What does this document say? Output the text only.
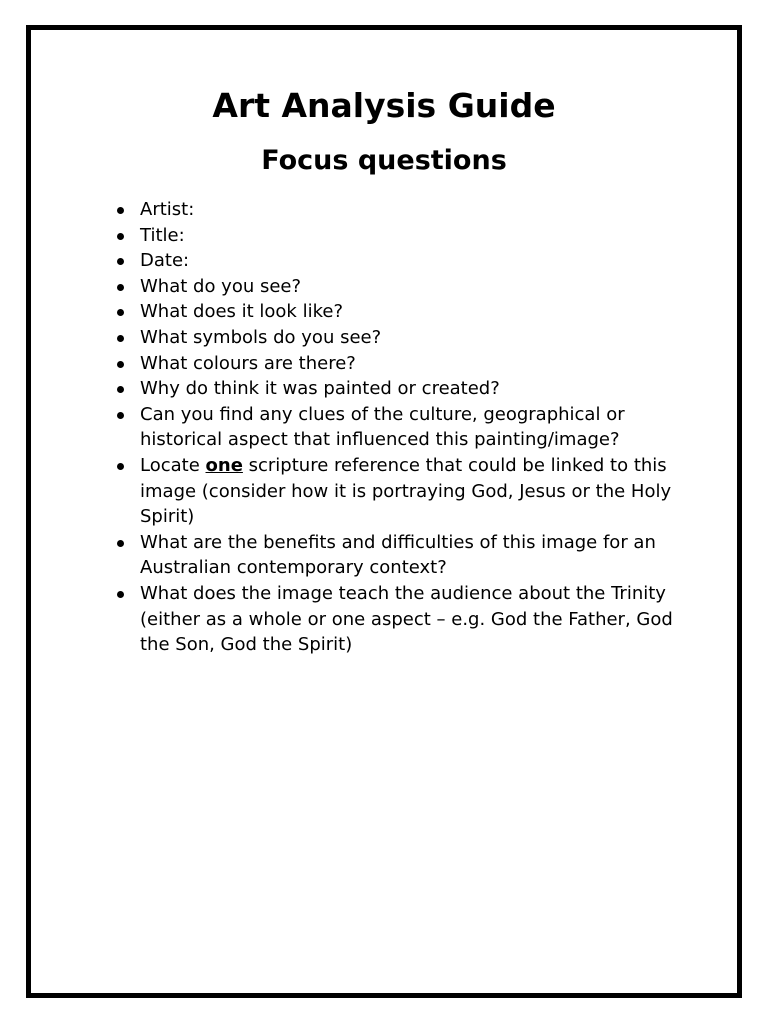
Art Analysis Guide
Focus questions
Artist:
Title:
Date:
What do you see?
What does it look like?
What symbols do you see?
What colours are there?
Why do think it was painted or created?
Can you find any clues of the culture, geographical or historical aspect that influenced this painting/image?
Locate one scripture reference that could be linked to this image (consider how it is portraying God, Jesus or the Holy Spirit)
What are the benefits and difficulties of this image for an Australian contemporary context?
What does the image teach the audience about the Trinity (either as a whole or one aspect – e.g. God the Father, God the Son, God the Spirit)
